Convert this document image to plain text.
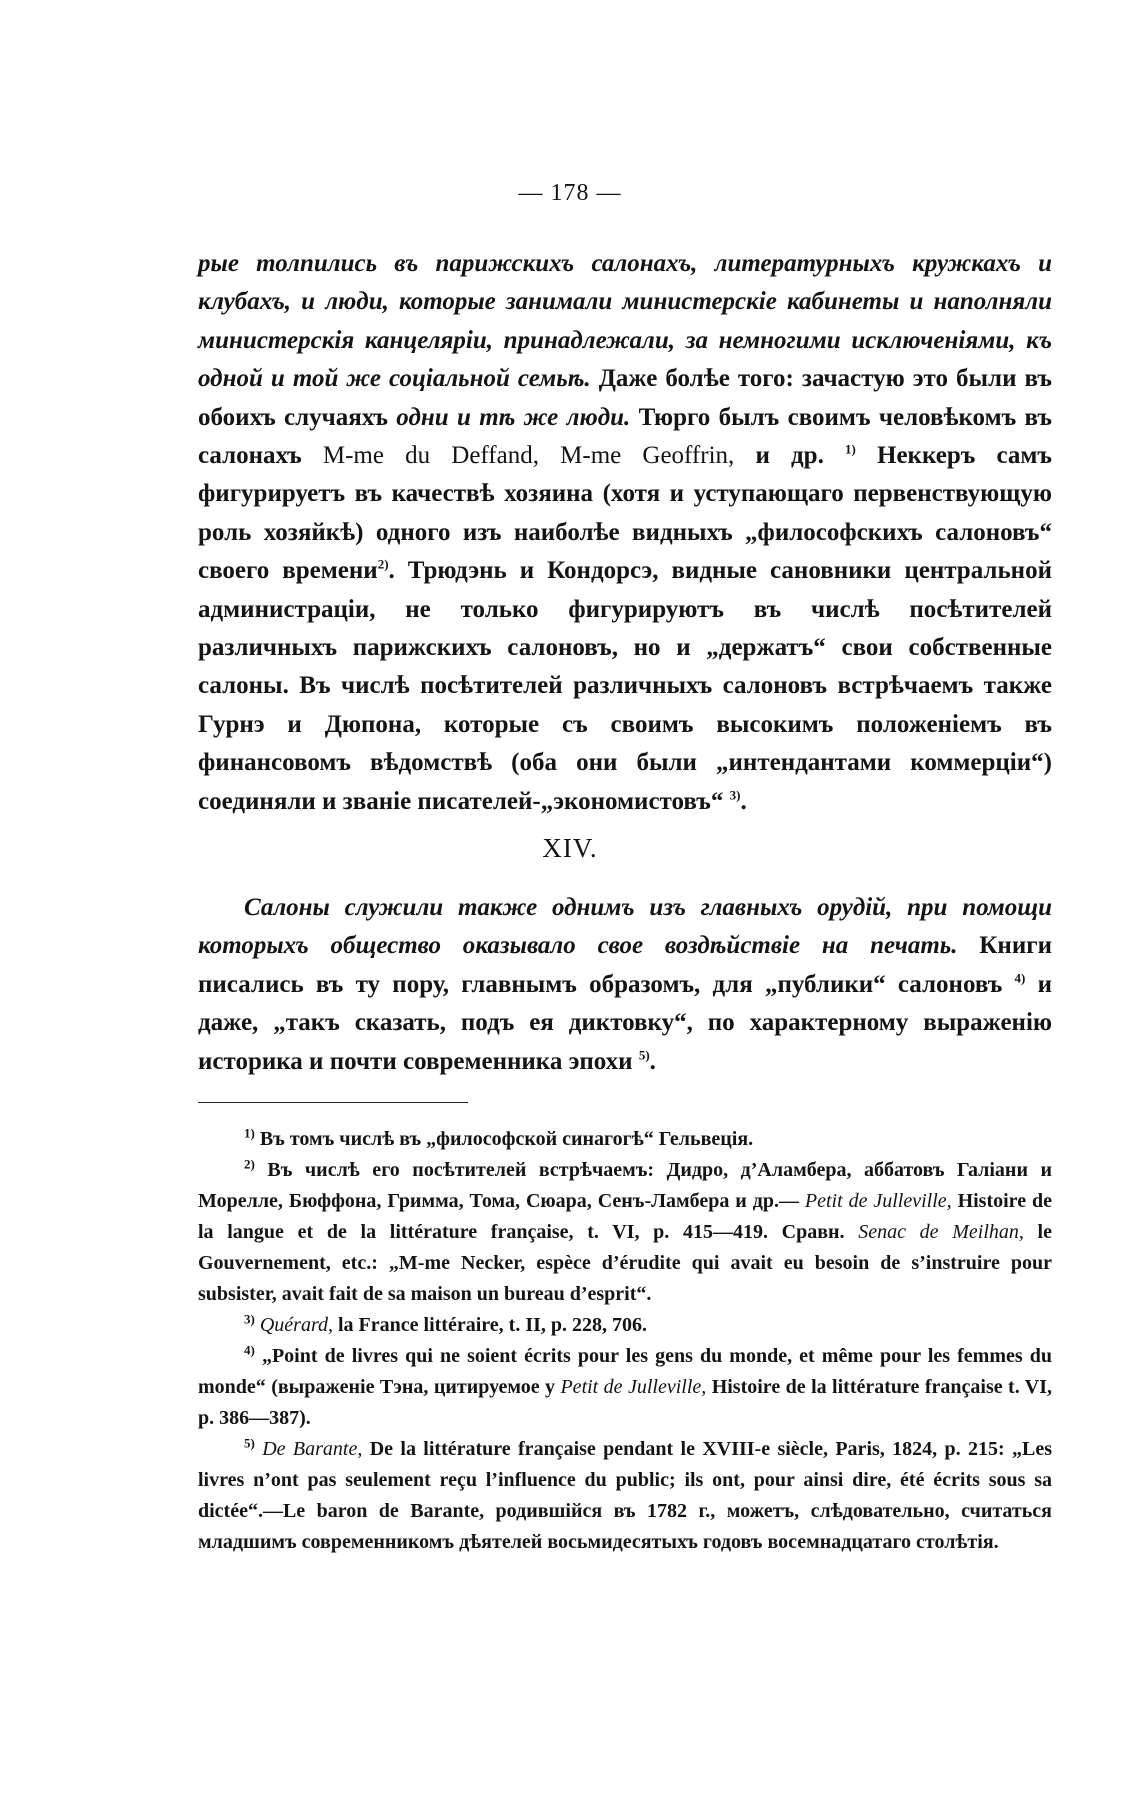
— 178 —
рые толпились въ парижскихъ салонахъ, литературныхъ кружкахъ и клубахъ, и люди, которые занимали министерскіе кабинеты и наполняли министерскія канцеляріи, принадлежали, за немногими исключеніями, къ одной и той же соціальной семьѣ. Даже болѣе того: зачастую это были въ обоихъ случаяхъ одни и тѣ же люди. Тюрго былъ своимъ человѣкомъ въ салонахъ M-me du Deffand, M-me Geoffrin, и др. $^{1)}$ Неккеръ самъ фигурируетъ въ качествѣ хозяина (хотя и уступающаго первенствующую роль хозяйкѣ) одного изъ наиболѣе видныхъ „философскихъ салоновъ“ своего времени$^{2)}$. Трюдэнь и Кондорсэ, видные сановники центральной администраціи, не только фигурируютъ въ числѣ посѣтителей различныхъ парижскихъ салоновъ, но и „держатъ“ свои собственные салоны. Въ числѣ посѣтителей различныхъ салоновъ встрѣчаемъ также Гурнэ и Дюпона, которые съ своимъ высокимъ положеніемъ въ финансовомъ вѣдомствѣ (оба они были „интендантами коммерціи“) соединяли и званіе писателей-„экономистовъ“ $^{3)}$.
XIV.
Салоны служили также однимъ изъ главныхъ орудій, при помощи которыхъ общество оказывало свое воздѣйствіе на печать. Книги писались въ ту пору, главнымъ образомъ, для „публики“ салоновъ $^{4)}$ и даже, „такъ сказать, подъ ея диктовку“, по характерному выраженію историка и почти современника эпохи $^{5)}$.

$^{1)}$ Въ томъ числѣ въ „философской синагогѣ“ Гельвеція.

$^{2)}$ Въ числѣ его посѣтителей встрѣчаемъ: Дидро, д’Аламбера, аббатовъ Галіани и Морелле, Бюффона, Гримма, Тома, Сюара, Сенъ-Ламбера и др.— Petit de Julleville, Histoire de la langue et de la littérature française, t. VI, p. 415—419. Сравн. Senac de Meilhan, le Gouvernement, etc.: „M-me Necker, espèce d’érudite qui avait eu besoin de s’instruire pour subsister, avait fait de sa maison un bureau d’esprit“.

$^{3)}$ Quérard, la France littéraire, t. II, p. 228, 706.

$^{4)}$ „Point de livres qui ne soient écrits pour les gens du monde, et même pour les femmes du monde“ (выраженіе Тэна, цитируемое у Petit de Julleville, Histoire de la littérature française t. VI, p. 386—387).

$^{5)}$ De Barante, De la littérature française pendant le XVIII-e siècle, Paris, 1824, p. 215: „Les livres n’ont pas seulement reçu l’influence du public; ils ont, pour ainsi dire, été écrits sous sa dictée“.—Le baron de Barante, родившійся въ 1782 г., можетъ, слѣдовательно, считаться младшимъ современникомъ дѣятелей восьмидесятыхъ годовъ восемнадцатаго столѣтія.
